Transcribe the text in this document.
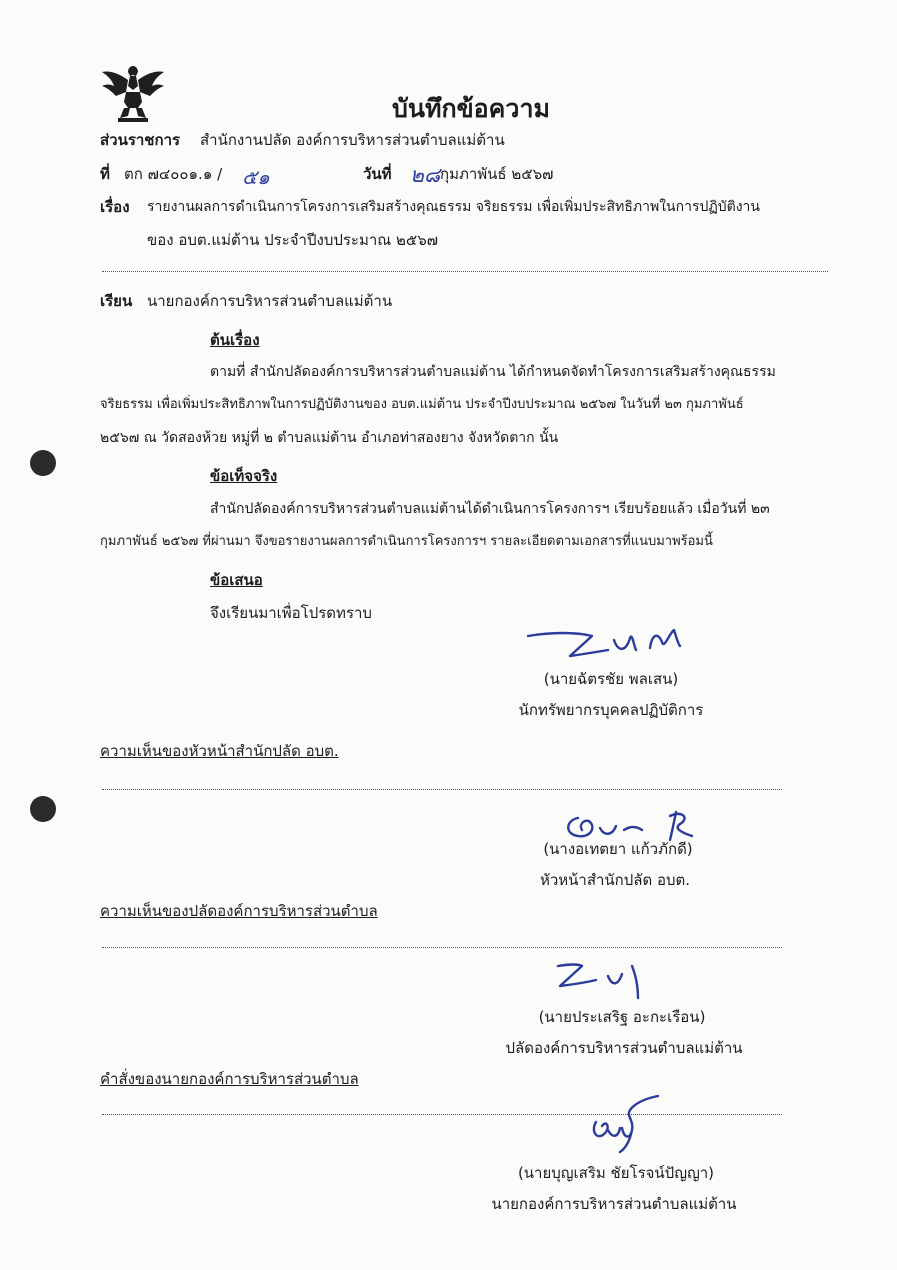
บันทึกข้อความ
ส่วนราชการ สำนักงานปลัด องค์การบริหารส่วนตำบลแม่ต้าน
ที่ ตก ๗๔๐๐๑.๑ / ๕๑	วันที่ ๒๘ กุมภาพันธ์ ๒๕๖๗
เรื่อง รายงานผลการดำเนินการโครงการเสริมสร้างคุณธรรม จริยธรรม เพื่อเพิ่มประสิทธิภาพในการปฏิบัติงาน
ของ อบต.แม่ต้าน ประจำปีงบประมาณ ๒๕๖๗
เรียน นายกองค์การบริหารส่วนตำบลแม่ต้าน
ต้นเรื่อง
ตามที่ สำนักปลัดองค์การบริหารส่วนตำบลแม่ต้าน ได้กำหนดจัดทำโครงการเสริมสร้างคุณธรรม
จริยธรรม เพื่อเพิ่มประสิทธิภาพในการปฏิบัติงานของ อบต.แม่ต้าน ประจำปีงบประมาณ ๒๕๖๗ ในวันที่ ๒๓ กุมภาพันธ์
๒๕๖๗ ณ วัดสองห้วย หมู่ที่ ๒ ตำบลแม่ต้าน อำเภอท่าสองยาง จังหวัดตาก นั้น
ข้อเท็จจริง
สำนักปลัดองค์การบริหารส่วนตำบลแม่ต้านได้ดำเนินการโครงการฯ เรียบร้อยแล้ว เมื่อวันที่ ๒๓
กุมภาพันธ์ ๒๕๖๗ ที่ผ่านมา จึงขอรายงานผลการดำเนินการโครงการฯ รายละเอียดตามเอกสารที่แนบมาพร้อมนี้
ข้อเสนอ
จึงเรียนมาเพื่อโปรดทราบ
(นายฉัตรชัย พลเสน)
นักทรัพยากรบุคคลปฏิบัติการ
ความเห็นของหัวหน้าสำนักปลัด อบต.
(นางอเทตยา แก้วภักดี)
หัวหน้าสำนักปลัด อบต.
ความเห็นของปลัดองค์การบริหารส่วนตำบล
(นายประเสริฐ อะกะเรือน)
ปลัดองค์การบริหารส่วนตำบลแม่ต้าน
คำสั่งของนายกองค์การบริหารส่วนตำบล
(นายบุญเสริม ชัยโรจน์ปัญญา)
นายกองค์การบริหารส่วนตำบลแม่ต้าน
